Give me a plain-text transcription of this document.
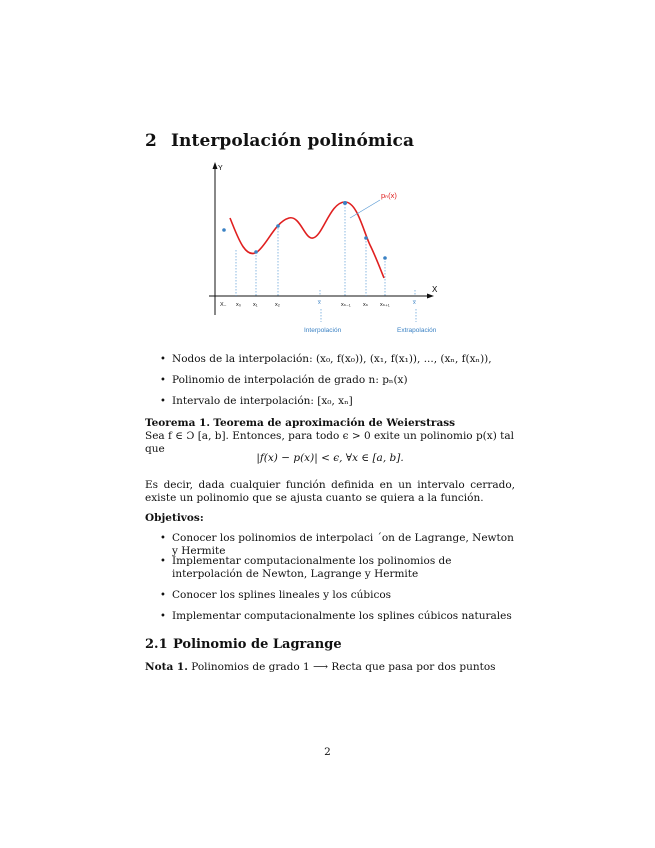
2 Interpolación polinómica
Y
X
pₙ(x)
X₋ x₀ x₁	x₂	x̅	xₙ₋₁ xₙ xₙ₊₁	x̅
Interpolación	Extrapolación
• Nodos de la interpolación: (x₀, f(x₀)), (x₁, f(x₁)), ..., (xₙ, f(xₙ)),
• Polinomio de interpolación de grado n: pₙ(x)
• Intervalo de interpolación: [x₀, xₙ]
Teorema 1. Teorema de aproximación de Weierstrass
Sea f ∈ Ɔ [a, b]. Entonces, para todo ϵ > 0 exite un polinomio p(x) tal que
|f(x) − p(x)| < ϵ, ∀x ∈ [a, b].
Es decir, dada cualquier función definida en un intervalo cerrado, existe un polinomio que se ajusta cuanto se quiera a la función.
Objetivos:
• Conocer los polinomios de interpolaci ´on de Lagrange, Newton y Hermite
• Implementar computacionalmente los polinomios de interpolación de Newton, Lagrange y Hermite
• Conocer los splines lineales y los cúbicos
• Implementar computacionalmente los splines cúbicos naturales
2.1 Polinomio de Lagrange
Nota 1. Polinomios de grado 1 ⟶ Recta que pasa por dos puntos
2
